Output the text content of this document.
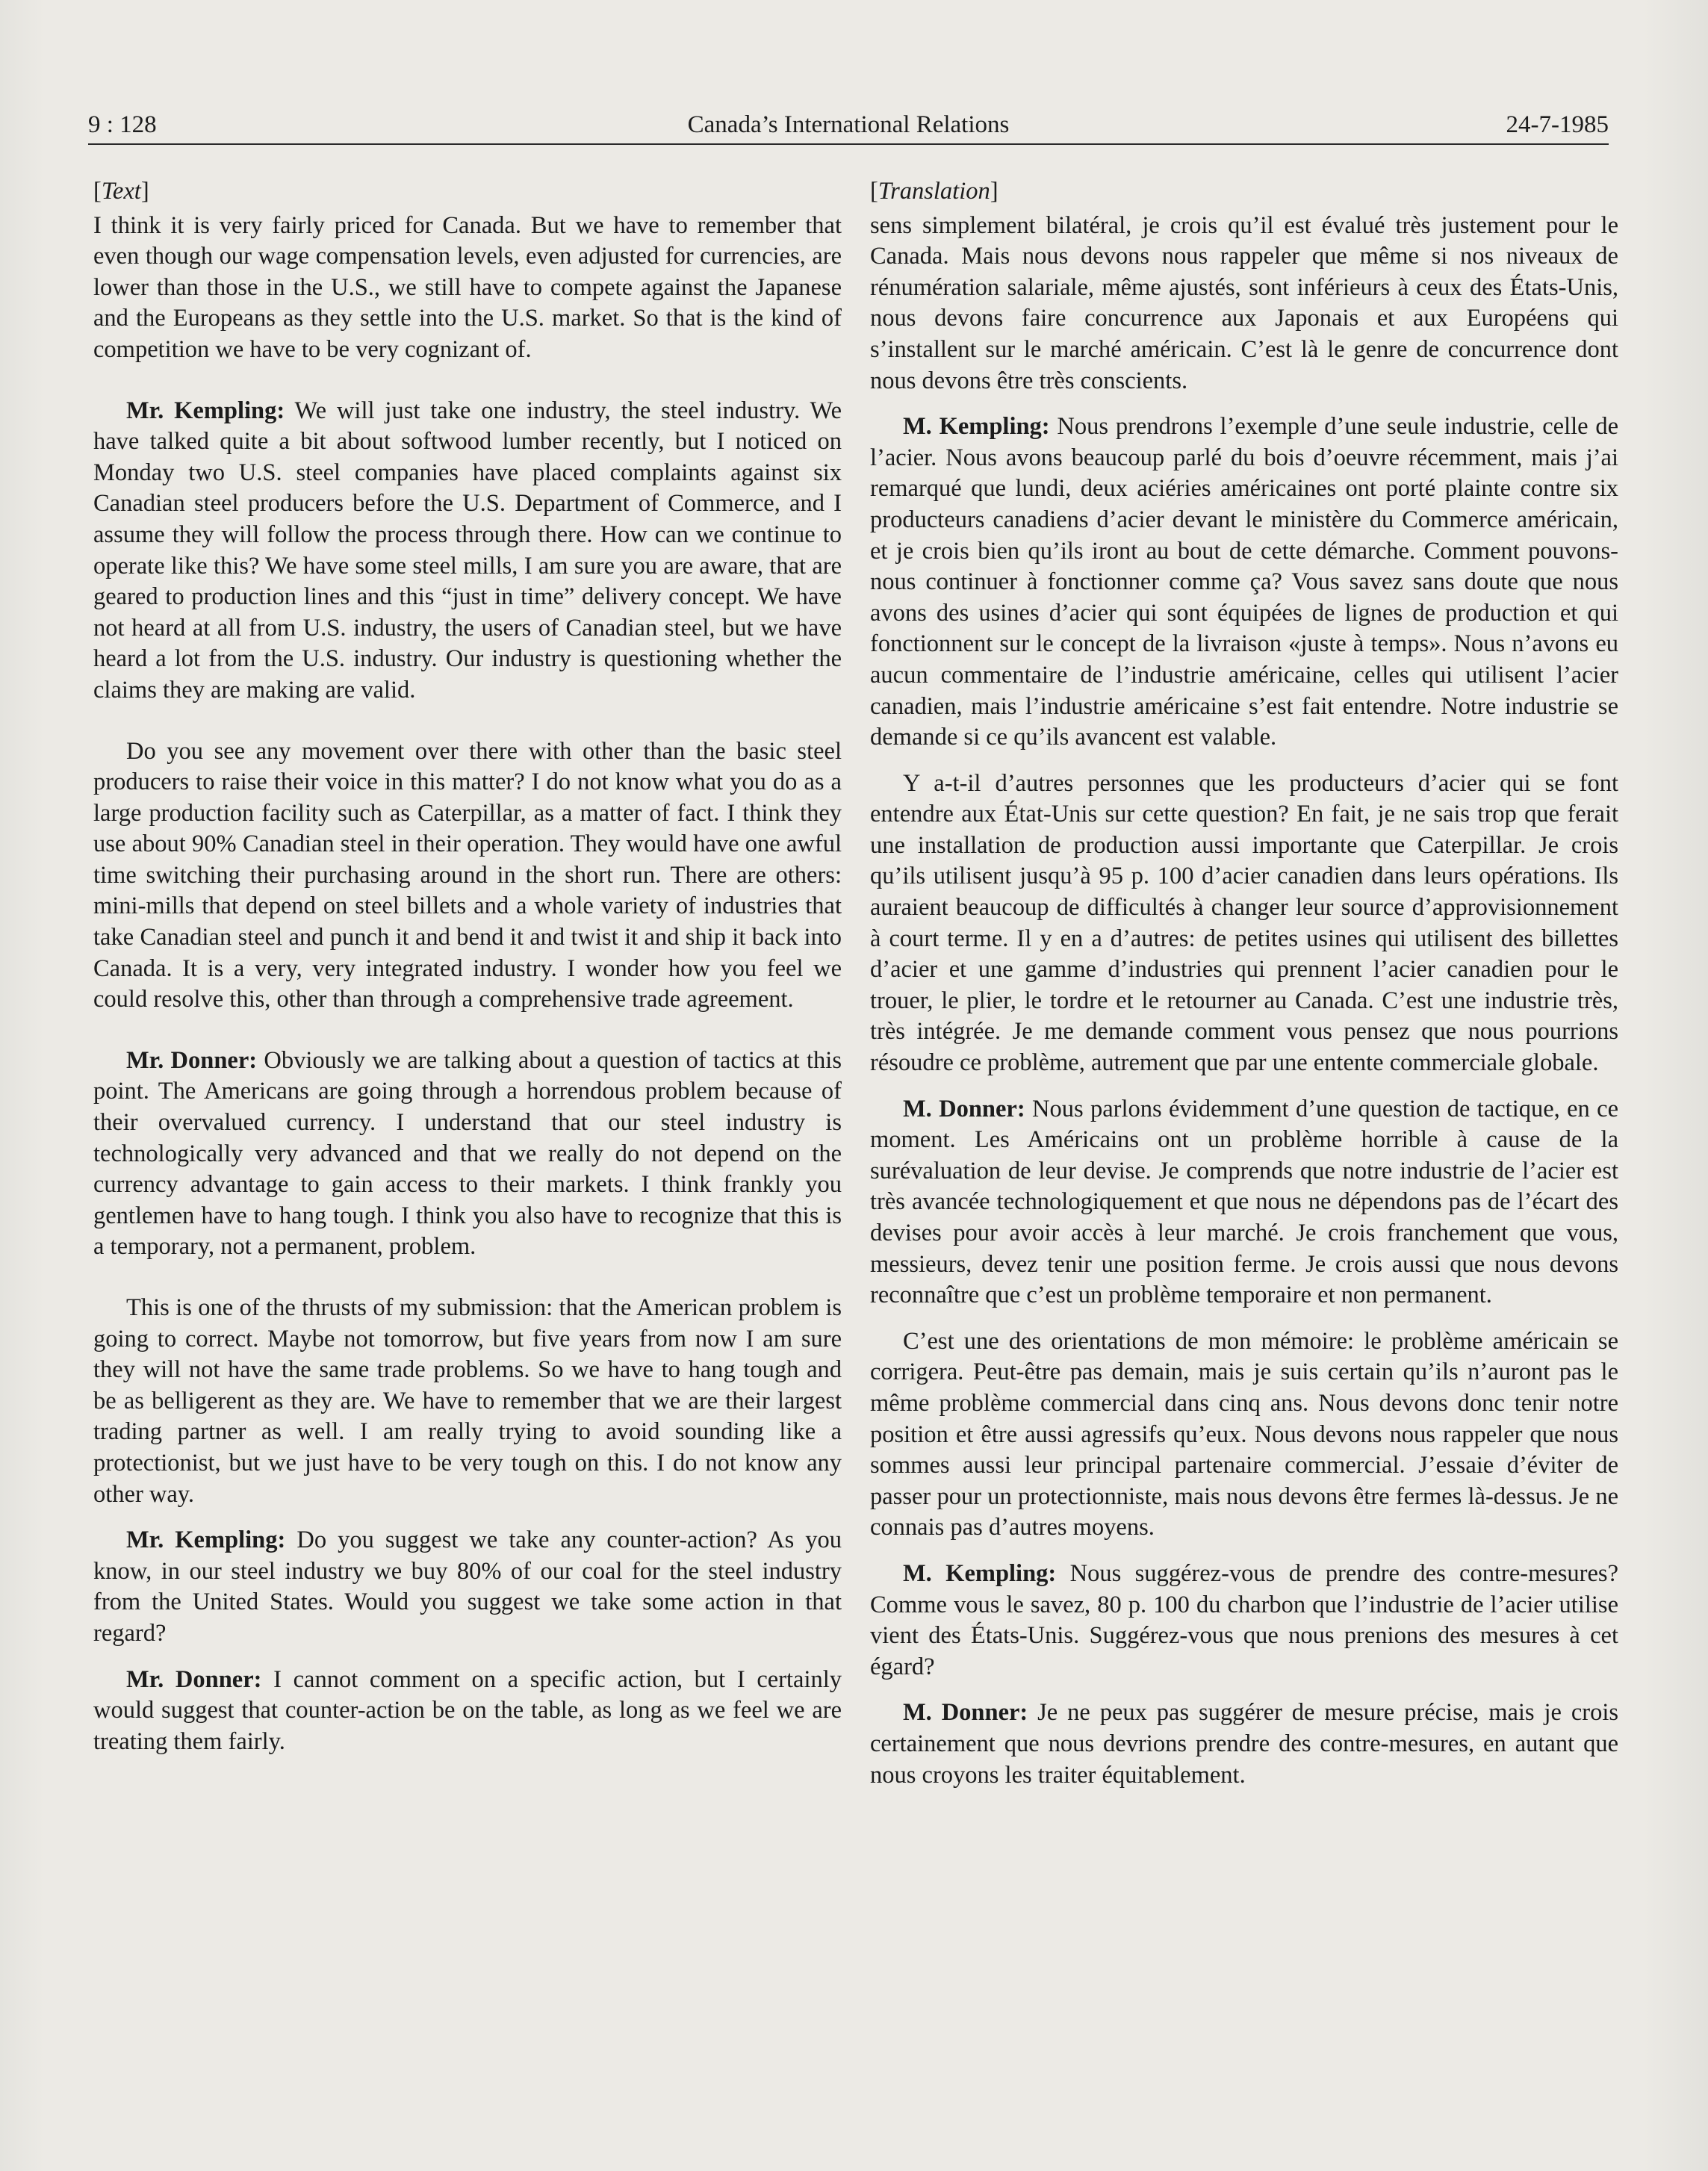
9 : 128	Canada’s International Relations	24-7-1985

[Text]

I think it is very fairly priced for Canada. But we have to remember that even though our wage compensation levels, even adjusted for currencies, are lower than those in the U.S., we still have to compete against the Japanese and the Europeans as they settle into the U.S. market. So that is the kind of competition we have to be very cognizant of.

Mr. Kempling: We will just take one industry, the steel industry. We have talked quite a bit about softwood lumber recently, but I noticed on Monday two U.S. steel companies have placed complaints against six Canadian steel producers before the U.S. Department of Commerce, and I assume they will follow the process through there. How can we continue to operate like this? We have some steel mills, I am sure you are aware, that are geared to production lines and this “just in time” delivery concept. We have not heard at all from U.S. industry, the users of Canadian steel, but we have heard a lot from the U.S. industry. Our industry is questioning whether the claims they are making are valid.

Do you see any movement over there with other than the basic steel producers to raise their voice in this matter? I do not know what you do as a large production facility such as Caterpillar, as a matter of fact. I think they use about 90% Canadian steel in their operation. They would have one awful time switching their purchasing around in the short run. There are others: mini-mills that depend on steel billets and a whole variety of industries that take Canadian steel and punch it and bend it and twist it and ship it back into Canada. It is a very, very integrated industry. I wonder how you feel we could resolve this, other than through a comprehensive trade agreement.

Mr. Donner: Obviously we are talking about a question of tactics at this point. The Americans are going through a horrendous problem because of their overvalued currency. I understand that our steel industry is technologically very advanced and that we really do not depend on the currency advantage to gain access to their markets. I think frankly you gentlemen have to hang tough. I think you also have to recognize that this is a temporary, not a permanent, problem.

This is one of the thrusts of my submission: that the American problem is going to correct. Maybe not tomorrow, but five years from now I am sure they will not have the same trade problems. So we have to hang tough and be as belligerent as they are. We have to remember that we are their largest trading partner as well. I am really trying to avoid sounding like a protectionist, but we just have to be very tough on this. I do not know any other way.

Mr. Kempling: Do you suggest we take any counter-action? As you know, in our steel industry we buy 80% of our coal for the steel industry from the United States. Would you suggest we take some action in that regard?

Mr. Donner: I cannot comment on a specific action, but I certainly would suggest that counter-action be on the table, as long as we feel we are treating them fairly.

[Translation]

sens simplement bilatéral, je crois qu’il est évalué très justement pour le Canada. Mais nous devons nous rappeler que même si nos niveaux de rénumération salariale, même ajustés, sont inférieurs à ceux des États-Unis, nous devons faire concurrence aux Japonais et aux Européens qui s’installent sur le marché américain. C’est là le genre de concurrence dont nous devons être très conscients.

M. Kempling: Nous prendrons l’exemple d’une seule industrie, celle de l’acier. Nous avons beaucoup parlé du bois d’oeuvre récemment, mais j’ai remarqué que lundi, deux aciéries américaines ont porté plainte contre six producteurs canadiens d’acier devant le ministère du Commerce américain, et je crois bien qu’ils iront au bout de cette démarche. Comment pouvons-nous continuer à fonctionner comme ça? Vous savez sans doute que nous avons des usines d’acier qui sont équipées de lignes de production et qui fonctionnent sur le concept de la livraison «juste à temps». Nous n’avons eu aucun commentaire de l’industrie américaine, celles qui utilisent l’acier canadien, mais l’industrie américaine s’est fait entendre. Notre industrie se demande si ce qu’ils avancent est valable.

Y a-t-il d’autres personnes que les producteurs d’acier qui se font entendre aux État-Unis sur cette question? En fait, je ne sais trop que ferait une installation de production aussi importante que Caterpillar. Je crois qu’ils utilisent jusqu’à 95 p. 100 d’acier canadien dans leurs opérations. Ils auraient beaucoup de difficultés à changer leur source d’approvisionnement à court terme. Il y en a d’autres: de petites usines qui utilisent des billettes d’acier et une gamme d’industries qui prennent l’acier canadien pour le trouer, le plier, le tordre et le retourner au Canada. C’est une industrie très, très intégrée. Je me demande comment vous pensez que nous pourrions résoudre ce problème, autrement que par une entente commerciale globale.

M. Donner: Nous parlons évidemment d’une question de tactique, en ce moment. Les Américains ont un problème horrible à cause de la surévaluation de leur devise. Je comprends que notre industrie de l’acier est très avancée technologiquement et que nous ne dépendons pas de l’écart des devises pour avoir accès à leur marché. Je crois franchement que vous, messieurs, devez tenir une position ferme. Je crois aussi que nous devons reconnaître que c’est un problème temporaire et non permanent.

C’est une des orientations de mon mémoire: le problème américain se corrigera. Peut-être pas demain, mais je suis certain qu’ils n’auront pas le même problème commercial dans cinq ans. Nous devons donc tenir notre position et être aussi agressifs qu’eux. Nous devons nous rappeler que nous sommes aussi leur principal partenaire commercial. J’essaie d’éviter de passer pour un protectionniste, mais nous devons être fermes là-dessus. Je ne connais pas d’autres moyens.

M. Kempling: Nous suggérez-vous de prendre des contre-mesures? Comme vous le savez, 80 p. 100 du charbon que l’industrie de l’acier utilise vient des États-Unis. Suggérez-vous que nous prenions des mesures à cet égard?

M. Donner: Je ne peux pas suggérer de mesure précise, mais je crois certainement que nous devrions prendre des contre-mesures, en autant que nous croyons les traiter équitablement.
